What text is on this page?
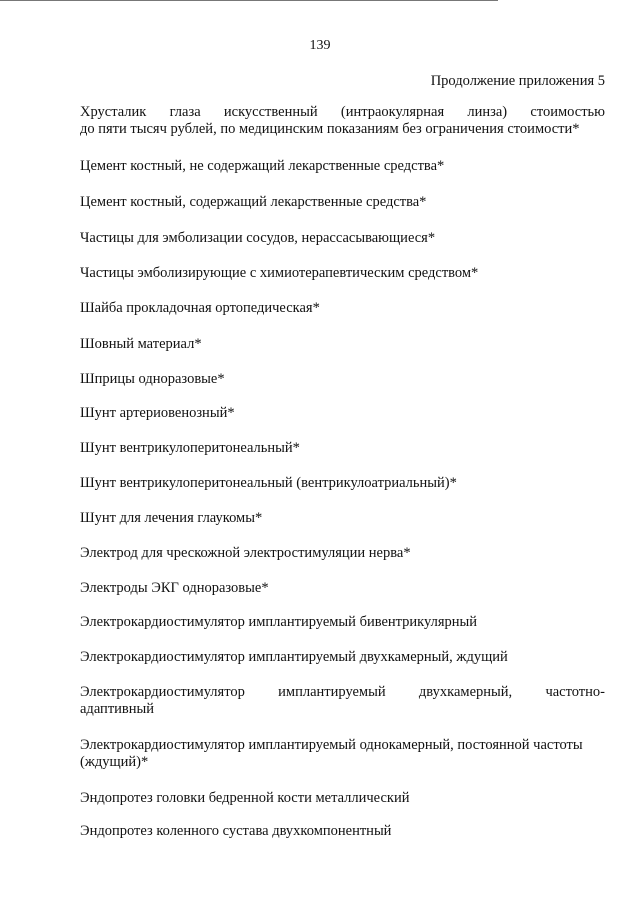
139
Продолжение приложения 5
Хрусталик глаза искусственный (интраокулярная линза) стоимостью
до пяти тысяч рублей, по медицинским показаниям без ограничения стоимости*
Цемент костный, не содержащий лекарственные средства*
Цемент костный, содержащий лекарственные средства*
Частицы для эмболизации сосудов, нерассасывающиеся*
Частицы эмболизирующие с химиотерапевтическим средством*
Шайба прокладочная ортопедическая*
Шовный материал*
Шприцы одноразовые*
Шунт артериовенозный*
Шунт вентрикулоперитонеальный*
Шунт вентрикулоперитонеальный (вентрикулоатриальный)*
Шунт для лечения глаукомы*
Электрод для чрескожной электростимуляции нерва*
Электроды ЭКГ одноразовые*
Электрокардиостимулятор имплантируемый бивентрикулярный
Электрокардиостимулятор имплантируемый двухкамерный, ждущий
Электрокардиостимулятор имплантируемый двухкамерный, частотно-
адаптивный
Электрокардиостимулятор имплантируемый однокамерный, постоянной частоты
(ждущий)*
Эндопротез головки бедренной кости металлический
Эндопротез коленного сустава двухкомпонентный
